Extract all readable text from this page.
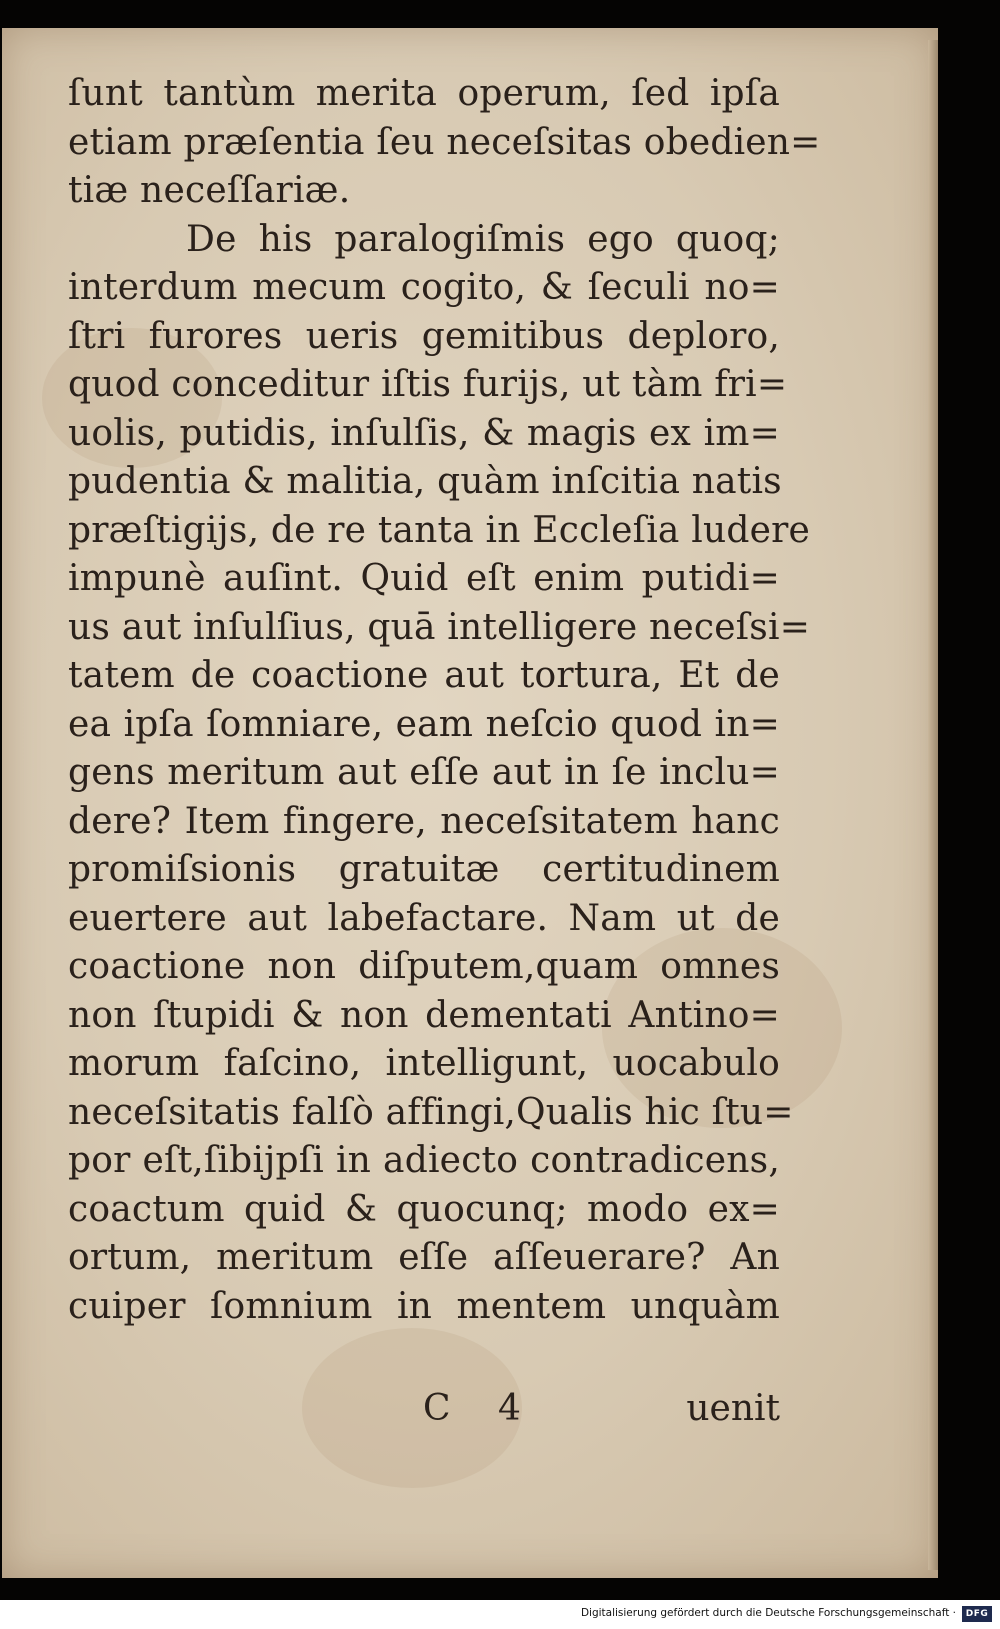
ſunt tantùm merita operum, ſed ipſa
etiam præſentia ſeu neceſsitas obedien=
tiæ neceſſariæ.
De his paralogiſmis ego quoq;
interdum mecum cogito, & ſeculi no=
ſtri furores ueris gemitibus deploro,
quod conceditur iſtis furijs, ut tàm fri=
uolis, putidis, inſulſis, & magis ex im=
pudentia & malitia, quàm inſcitia natis
præſtigijs, de re tanta in Eccleſia ludere
impunè auſint. Quid eſt enim putidi=
us aut inſulſius, quā intelligere neceſsi=
tatem de coactione aut tortura, Et de
ea ipſa ſomniare, eam neſcio quod in=
gens meritum aut eſſe aut in ſe inclu=
dere? Item fingere, neceſsitatem hanc
promiſsionis gratuitæ certitudinem
euertere aut labefactare. Nam ut de
coactione non diſputem,quam omnes
non ſtupidi & non dementati Antino=
morum faſcino, intelligunt, uocabulo
neceſsitatis falſò affingi,Qualis hic ſtu=
por eſt,ſibijpſi in adiecto contradicens,
coactum quid & quocunq; modo ex=
ortum, meritum eſſe aſſeuerare? An
cuiper ſomnium in mentem unquàm
C 4	uenit
Digitalisierung gefördert durch die Deutsche Forschungsgemeinschaft ·	DFG
